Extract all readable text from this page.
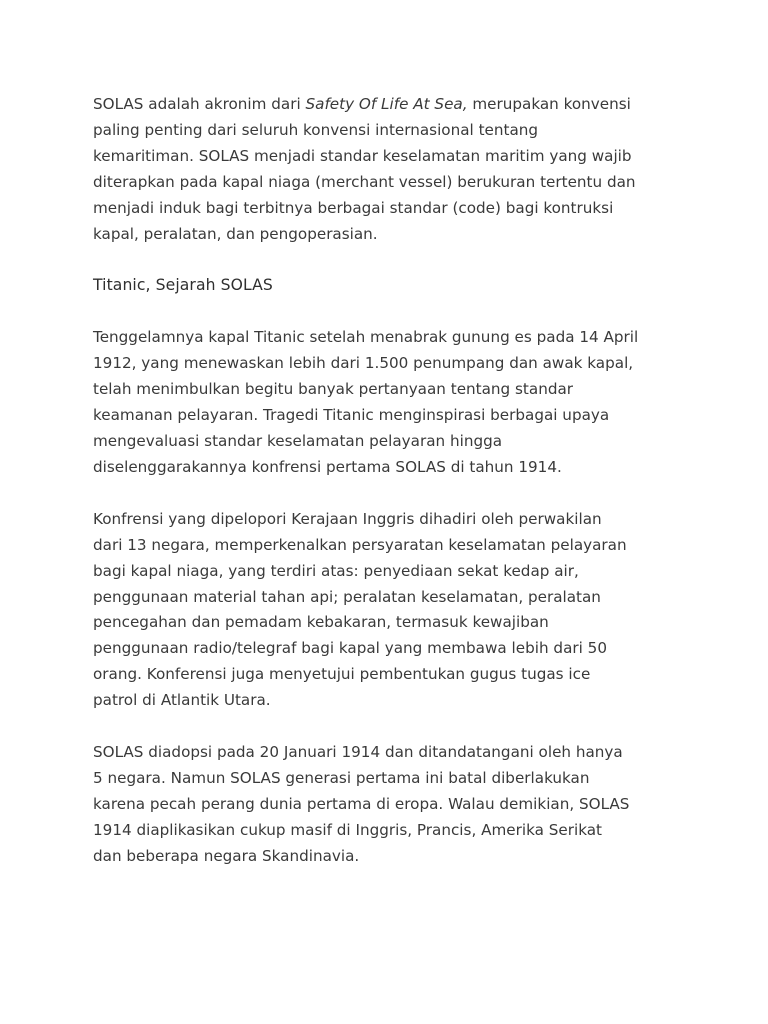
SOLAS adalah akronim dari Safety Of Life At Sea, merupakan konvensi
paling penting dari seluruh konvensi internasional tentang
kemaritiman. SOLAS menjadi standar keselamatan maritim yang wajib
diterapkan pada kapal niaga (merchant vessel) berukuran tertentu dan
menjadi induk bagi terbitnya berbagai standar (code) bagi kontruksi
kapal, peralatan, dan pengoperasian.

Titanic, Sejarah SOLAS

Tenggelamnya kapal Titanic setelah menabrak gunung es pada 14 April
1912, yang menewaskan lebih dari 1.500 penumpang dan awak kapal,
telah menimbulkan begitu banyak pertanyaan tentang standar
keamanan pelayaran. Tragedi Titanic menginspirasi berbagai upaya
mengevaluasi standar keselamatan pelayaran hingga
diselenggarakannya konfrensi pertama SOLAS di tahun 1914.

Konfrensi yang dipelopori Kerajaan Inggris dihadiri oleh perwakilan
dari 13 negara, memperkenalkan persyaratan keselamatan pelayaran
bagi kapal niaga, yang terdiri atas: penyediaan sekat kedap air,
penggunaan material tahan api; peralatan keselamatan, peralatan
pencegahan dan pemadam kebakaran, termasuk kewajiban
penggunaan radio/telegraf bagi kapal yang membawa lebih dari 50
orang. Konferensi juga menyetujui pembentukan gugus tugas ice
patrol di Atlantik Utara.

SOLAS diadopsi pada 20 Januari 1914 dan ditandatangani oleh hanya
5 negara. Namun SOLAS generasi pertama ini batal diberlakukan
karena pecah perang dunia pertama di eropa. Walau demikian, SOLAS
1914 diaplikasikan cukup masif di Inggris, Prancis, Amerika Serikat
dan beberapa negara Skandinavia.
